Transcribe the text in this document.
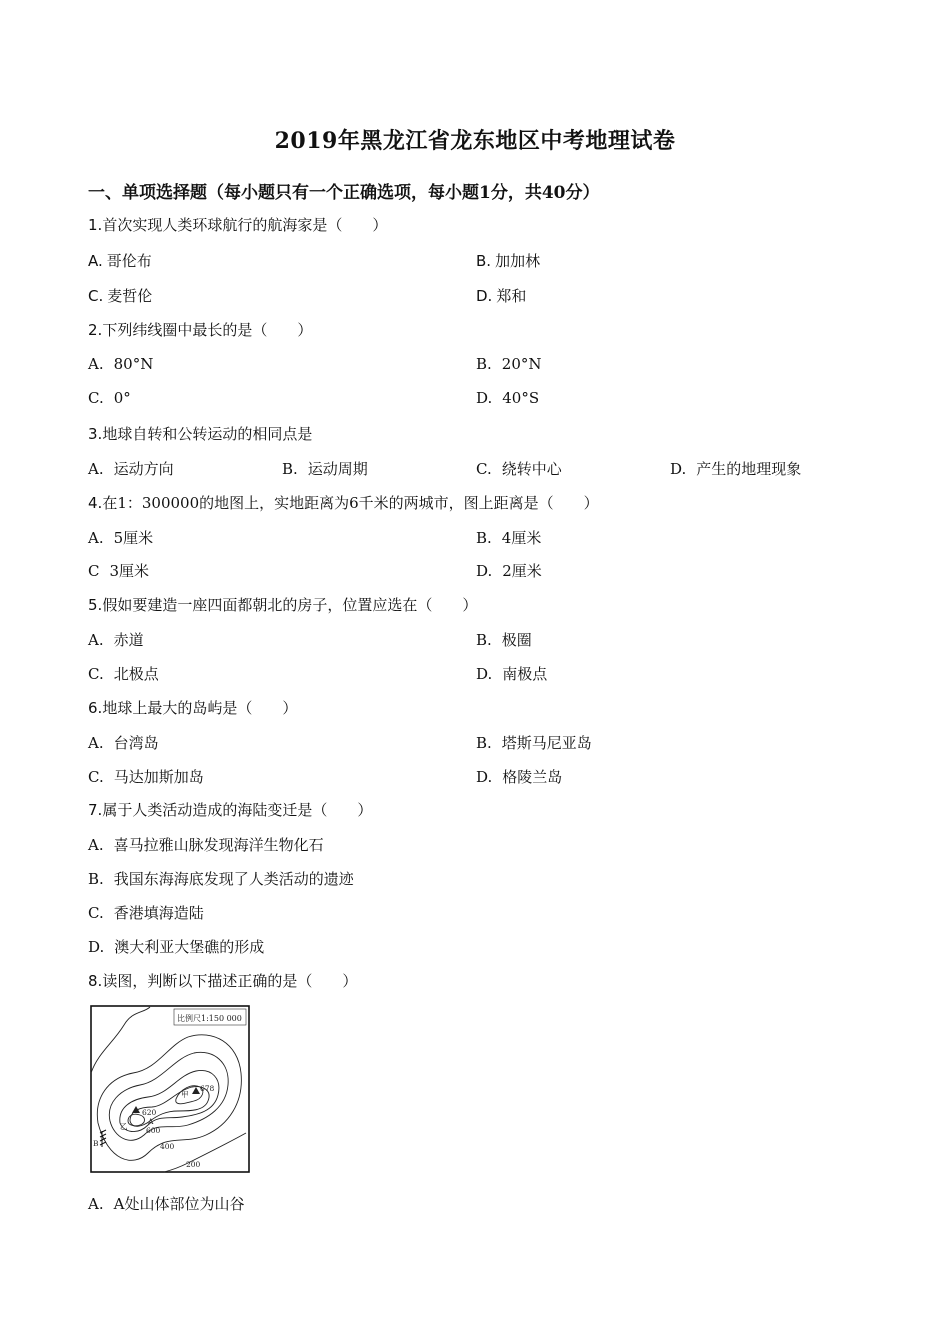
2019年黑龙江省龙东地区中考地理试卷
一、单项选择题（每小题只有一个正确选项，每小题1分，共40分）
1.首次实现人类环球航行的航海家是（　　）
A. 哥伦布	B. 加加林
C. 麦哲伦	D. 郑和
2.下列纬线圈中最长的是（　　）
A. 80°N	B. 20°N
C. 0°	D. 40°S
3.地球自转和公转运动的相同点是
A. 运动方向	B. 运动周期	C. 绕转中心	D. 产生的地理现象
4.在1：300000的地图上，实地距离为6千米的两城市，图上距离是（　　）
A. 5厘米	B. 4厘米
C 3厘米	D. 2厘米
5.假如要建造一座四面都朝北的房子，位置应选在（　　）
A. 赤道	B. 极圈
C. 北极点	D. 南极点
6.地球上最大的岛屿是（　　）
A. 台湾岛	B. 塔斯马尼亚岛
C. 马达加斯加岛	D. 格陵兰岛
7.属于人类活动造成的海陆变迁是（　　）
A. 喜马拉雅山脉发现海洋生物化石
B. 我国东海海底发现了人类活动的遗迹
C. 香港填海造陆
D. 澳大利亚大堡礁的形成
8.读图，判断以下描述正确的是（　　）
比例尺1:150 000
678
甲
620
A
乙 600
400
200
B
A. A处山体部位为山谷
